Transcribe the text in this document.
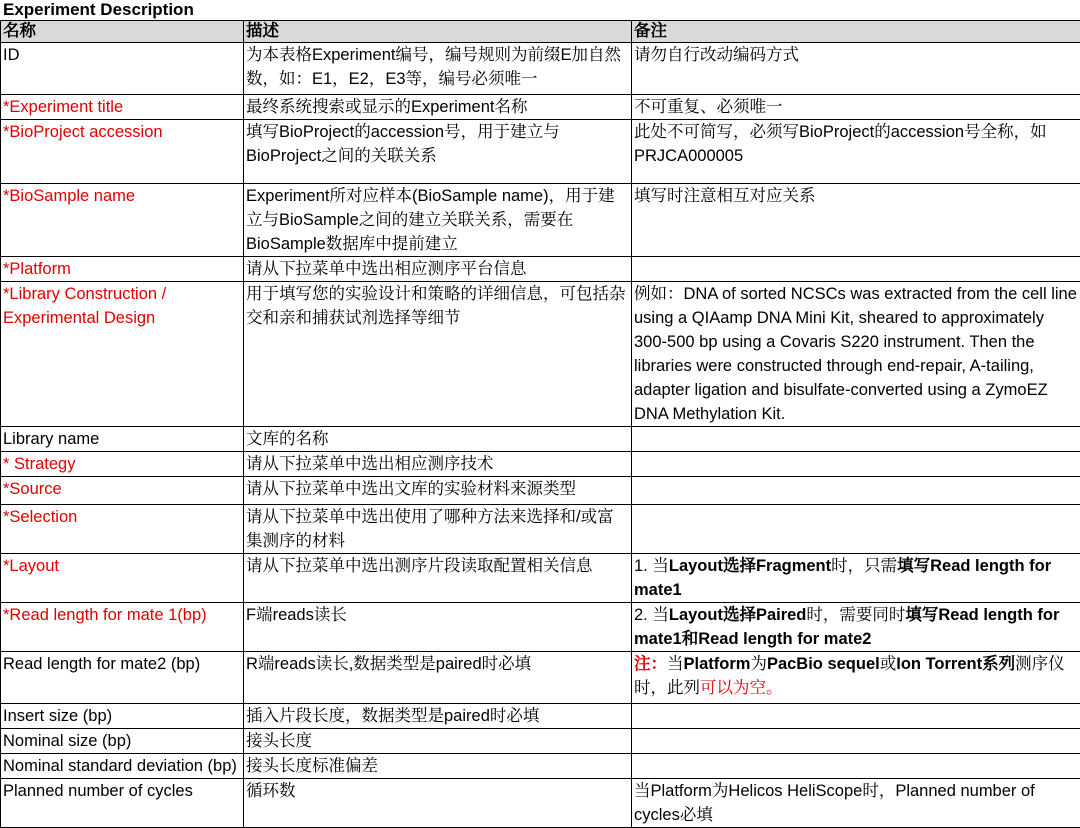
Experiment Description
名称	描述	备注
ID	为本表格Experiment编号，编号规则为前缀E加自然数，如：E1，E2，E3等，编号必须唯一	请勿自行改动编码方式
*Experiment title	最终系统搜索或显示的Experiment名称	不可重复、必须唯一
*BioProject accession	填写BioProject的accession号，用于建立与BioProject之间的关联关系	此处不可简写，必须写BioProject的accession号全称，如PRJCA000005
*BioSample name	Experiment所对应样本(BioSample name)，用于建立与BioSample之间的建立关联关系，需要在BioSample数据库中提前建立	填写时注意相互对应关系
*Platform	请从下拉菜单中选出相应测序平台信息	
*Library Construction / Experimental Design	用于填写您的实验设计和策略的详细信息，可包括杂交和亲和捕获试剂选择等细节	例如：DNA of sorted NCSCs was extracted from the cell line using a QIAamp DNA Mini Kit, sheared to approximately 300-500 bp using a Covaris S220 instrument. Then the libraries were constructed through end-repair, A-tailing, adapter ligation and bisulfate-converted using a ZymoEZ DNA Methylation Kit.
Library name	文库的名称	
* Strategy	请从下拉菜单中选出相应测序技术	
*Source	请从下拉菜单中选出文库的实验材料来源类型	
*Selection	请从下拉菜单中选出使用了哪种方法来选择和/或富集测序的材料	
*Layout	请从下拉菜单中选出测序片段读取配置相关信息	1. 当Layout选择Fragment时，只需填写Read length for mate1
*Read length for mate 1(bp)	F端reads读长	2. 当Layout选择Paired时，需要同时填写Read length for mate1和Read length for mate2
Read length for mate2 (bp)	R端reads读长,数据类型是paired时必填	注：当Platform为PacBio sequel或Ion Torrent系列测序仪时，此列可以为空。
Insert size (bp)	插入片段长度，数据类型是paired时必填	
Nominal size (bp)	接头长度	
Nominal standard deviation (bp)	接头长度标准偏差	
Planned number of cycles	循环数	当Platform为Helicos HeliScope时，Planned number of cycles必填
